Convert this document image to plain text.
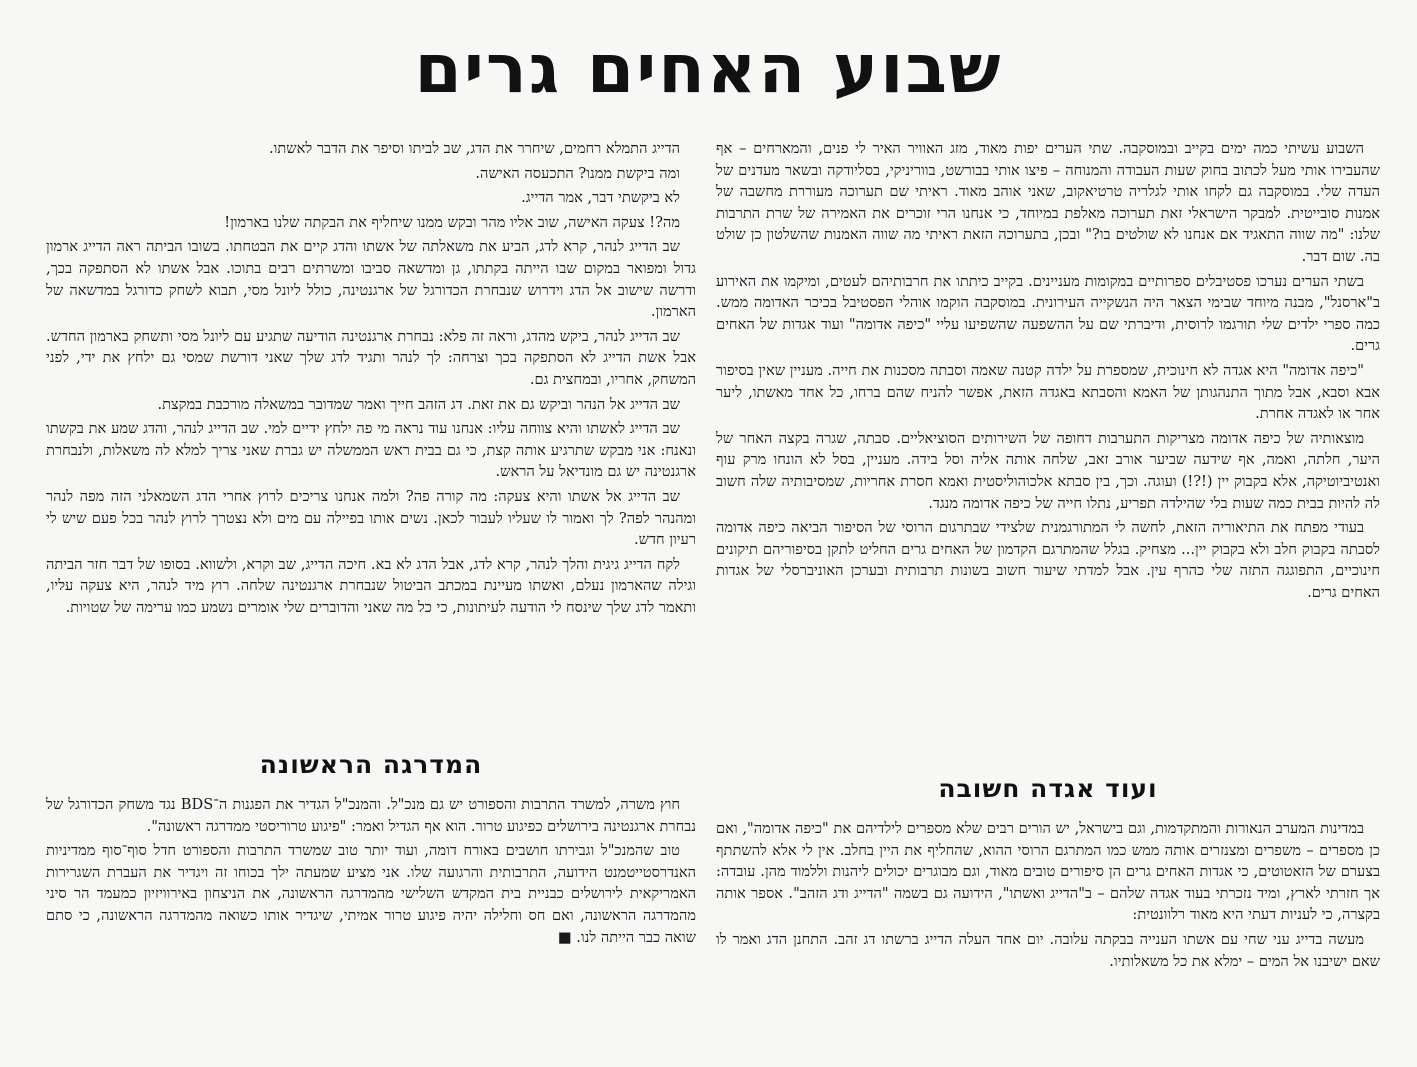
שבוע האחים גרים

השבוע עשיתי כמה ימים בקייב ובמוסקבה. שתי הערים יפות מאוד, מזג האוויר האיר לי פנים, והמארחים – אף שהעבירו אותי מעל לכתוב בחוק שעות העבודה והמנוחה – פיצו אותי בבורשט, בווריניקי, בסליודקה ובשאר מעדנים של העדה שלי. במוסקבה גם לקחו אותי לגלריה טרטיאקוב, שאני אוהב מאוד. ראיתי שם תערוכה מעוררת מחשבה של אמנות סובייטית. למבקר הישראלי זאת תערוכה מאלפת במיוחד, כי אנחנו הרי זוכרים את האמירה של שרת התרבות שלנו: "מה שווה התאגיד אם אנחנו לא שולטים בו?" ובכן, בתערוכה הזאת ראיתי מה שווה האמנות שהשלטון כן שולט בה. שום דבר.

בשתי הערים נערכו פסטיבלים ספרותיים במקומות מעניינים. בקייב כיתתו את חרבותיהם לעטים, ומיקמו את האירוע ב"ארסנל", מבנה מיוחד שבימי הצאר היה הנשקייה העירונית. במוסקבה הוקמו אוהלי הפסטיבל בכיכר האדומה ממש. כמה ספרי ילדים שלי תורגמו לרוסית, ודיברתי שם על ההשפעה שהשפיעו עליי "כיפה אדומה" ועוד אגדות של האחים גרים.

"כיפה אדומה" היא אגדה לא חינוכית, שמספרת על ילדה קטנה שאמה וסבתה מסכנות את חייה. מעניין שאין בסיפור אבא וסבא, אבל מתוך התנהגותן של האמא והסבתא באגדה הזאת, אפשר להניח שהם ברחו, כל אחד מאשתו, ליער אחר או לאגדה אחרת.

מוצאותיה של כיפה אדומה מצריקות התערבות דחופה של השירותים הסוציאליים. סבתה, שגרה בקצה האחר של היער, חלתה, ואמה, אף שידעה שביער אורב זאב, שלחה אותה אליה וסל בידה. מעניין, בסל לא הונחו מרק עוף ואנטיביוטיקה, אלא בקבוק יין (!?!) ועוגה. וכך, בין סבתא אלכוהוליסטית ואמא חסרת אחריות, שמסיבותיה שלה חשוב לה להיות בבית כמה שעות בלי שהילדה תפריע, נתלו חייה של כיפה אדומה מנגד.

בעודי מפתח את התיאוריה הזאת, לחשה לי המתורגמנית שלצידי שבתרגום הרוסי של הסיפור הביאה כיפה אדומה לסבתה בקבוק חלב ולא בקבוק יין... מצחיק. בגלל שהמתרגם הקדמון של האחים גרים החליט לתקן בסיפוריהם תיקונים חינוכיים, התפוגגה התזה שלי כהרף עין. אבל למדתי שיעור חשוב בשונות תרבותית ובערכן האוניברסלי של אגדות האחים גרים.

ועוד אגדה חשובה

במדינות המערב הנאורות והמתקדמות, וגם בישראל, יש הורים רבים שלא מספרים לילדיהם את "כיפה אדומה", ואם כן מספרים – משפרים ומצנזרים אותה ממש כמו המתרגם הרוסי ההוא, שהחליף את היין בחלב. אין לי אלא להשתתף בצערם של הזאטוטים, כי אגדות האחים גרים הן סיפורים טובים מאוד, וגם מבוגרים יכולים ליהנות וללמוד מהן. עובדה: אך חזרתי לארץ, ומיד נזכרתי בעוד אגדה שלהם – ב"הדייג ואשתו", הידועה גם בשמה "הדייג ודג הזהב". אספר אותה בקצרה, כי לעניות דעתי היא מאוד רלוונטית:

מעשה בדייג עני שחי עם אשתו הענייה בבקתה עלובה. יום אחד העלה הדייג ברשתו דג זהב. התחנן הדג ואמר לו שאם ישיבנו אל המים – ימלא את כל משאלותיו.

הדייג התמלא רחמים, שיחרר את הדג, שב לביתו וסיפר את הדבר לאשתו.

ומה ביקשת ממנו? התכעסה האישה.

לא ביקשתי דבר, אמר הדייג.

מה?! צעקה האישה, שוב אליו מהר ובקש ממנו שיחליף את הבקתה שלנו בארמון!

שב הדייג לנהר, קרא לדג, הביע את משאלתה של אשתו והדג קיים את הבטחתו. בשובו הביתה ראה הדייג ארמון גדול ומפואר במקום שבו הייתה בקתתו, גן ומדשאה סביבו ומשרתים רבים בתוכו. אבל אשתו לא הסתפקה בכך, ודרשה שישוב אל הדג וידרוש שנבחרת הכדורגל של ארגנטינה, כולל ליונל מסי, תבוא לשחק כדורגל במדשאה של הארמון.

שב הדייג לנהר, ביקש מהדג, וראה זה פלא: נבחרת ארגנטינה הודיעה שתגיע עם ליונל מסי ותשחק בארמון החדש. אבל אשת הדייג לא הסתפקה בכך וצרחה: לך לנהר ותגיד לדג שלך שאני דורשת שמסי גם ילחץ את ידי, לפני המשחק, אחריו, ובמחצית גם.

שב הדייג אל הנהר וביקש גם את זאת. דג הזהב חייך ואמר שמדובר במשאלה מורכבת במקצת.

שב הדייג לאשתו והיא צווחה עליו: אנחנו עוד נראה מי פה ילחץ ידיים למי. שב הדייג לנהר, והדג שמע את בקשתו ונאנח: אני מבקש שתרגיע אותה קצת, כי גם בבית ראש הממשלה יש גברת שאני צריך למלא לה משאלות, ולנבחרת ארגנטינה יש גם מונדיאל על הראש.

שב הדייג אל אשתו והיא צעקה: מה קורה פה? ולמה אנחנו צריכים לרוץ אחרי הדג השמאלני הזה מפה לנהר ומהנהר לפה? לך ואמור לו שעליו לעבור לכאן. נשים אותו בפיילה עם מים ולא נצטרך לרוץ לנהר בכל פעם שיש לי רעיון חדש.

לקח הדייג גיגית והלך לנהר, קרא לדג, אבל הדג לא בא. חיכה הדייג, שב וקרא, ולשווא. בסופו של דבר חזר הביתה וגילה שהארמון נעלם, ואשתו מעיינת במכתב הביטול שנבחרת ארגנטינה שלחה. רוץ מיד לנהר, היא צעקה עליו, ותאמר לדג שלך שינסח לי הודעה לעיתונות, כי כל מה שאני והדוברים שלי אומרים נשמע כמו ערימה של שטויות.

המדרגה הראשונה

חוץ משרה, למשרד התרבות והספורט יש גם מנכ"ל. והמנכ"ל הגדיר את הפגנות ה־BDS נגד משחק הכדורגל של נבחרת ארגנטינה בירושלים כפיגוע טרור. הוא אף הגדיל ואמר: "פיגוע טרוריסטי ממדרגה ראשונה".

טוב שהמנכ"ל וגבירתו חושבים באורח דומה, ועוד יותר טוב שמשרד התרבות והספורט חדל סוף־סוף ממדיניות האנדרסטייטמנט הידועה, התרבותית והרגועה שלו. אני מציע שמעתה ילך בכוחו זה ויגדיר את העברת השגרירות האמריקאית לירושלים כבניית בית המקדש השלישי מהמדרגה הראשונה, את הניצחון באירוויזיון כמעמד הר סיני מהמדרגה הראשונה, ואם חס וחלילה יהיה פיגוע טרור אמיתי, שיגדיר אותו כשואה מהמדרגה הראשונה, כי סתם שואה כבר הייתה לנו. ■
